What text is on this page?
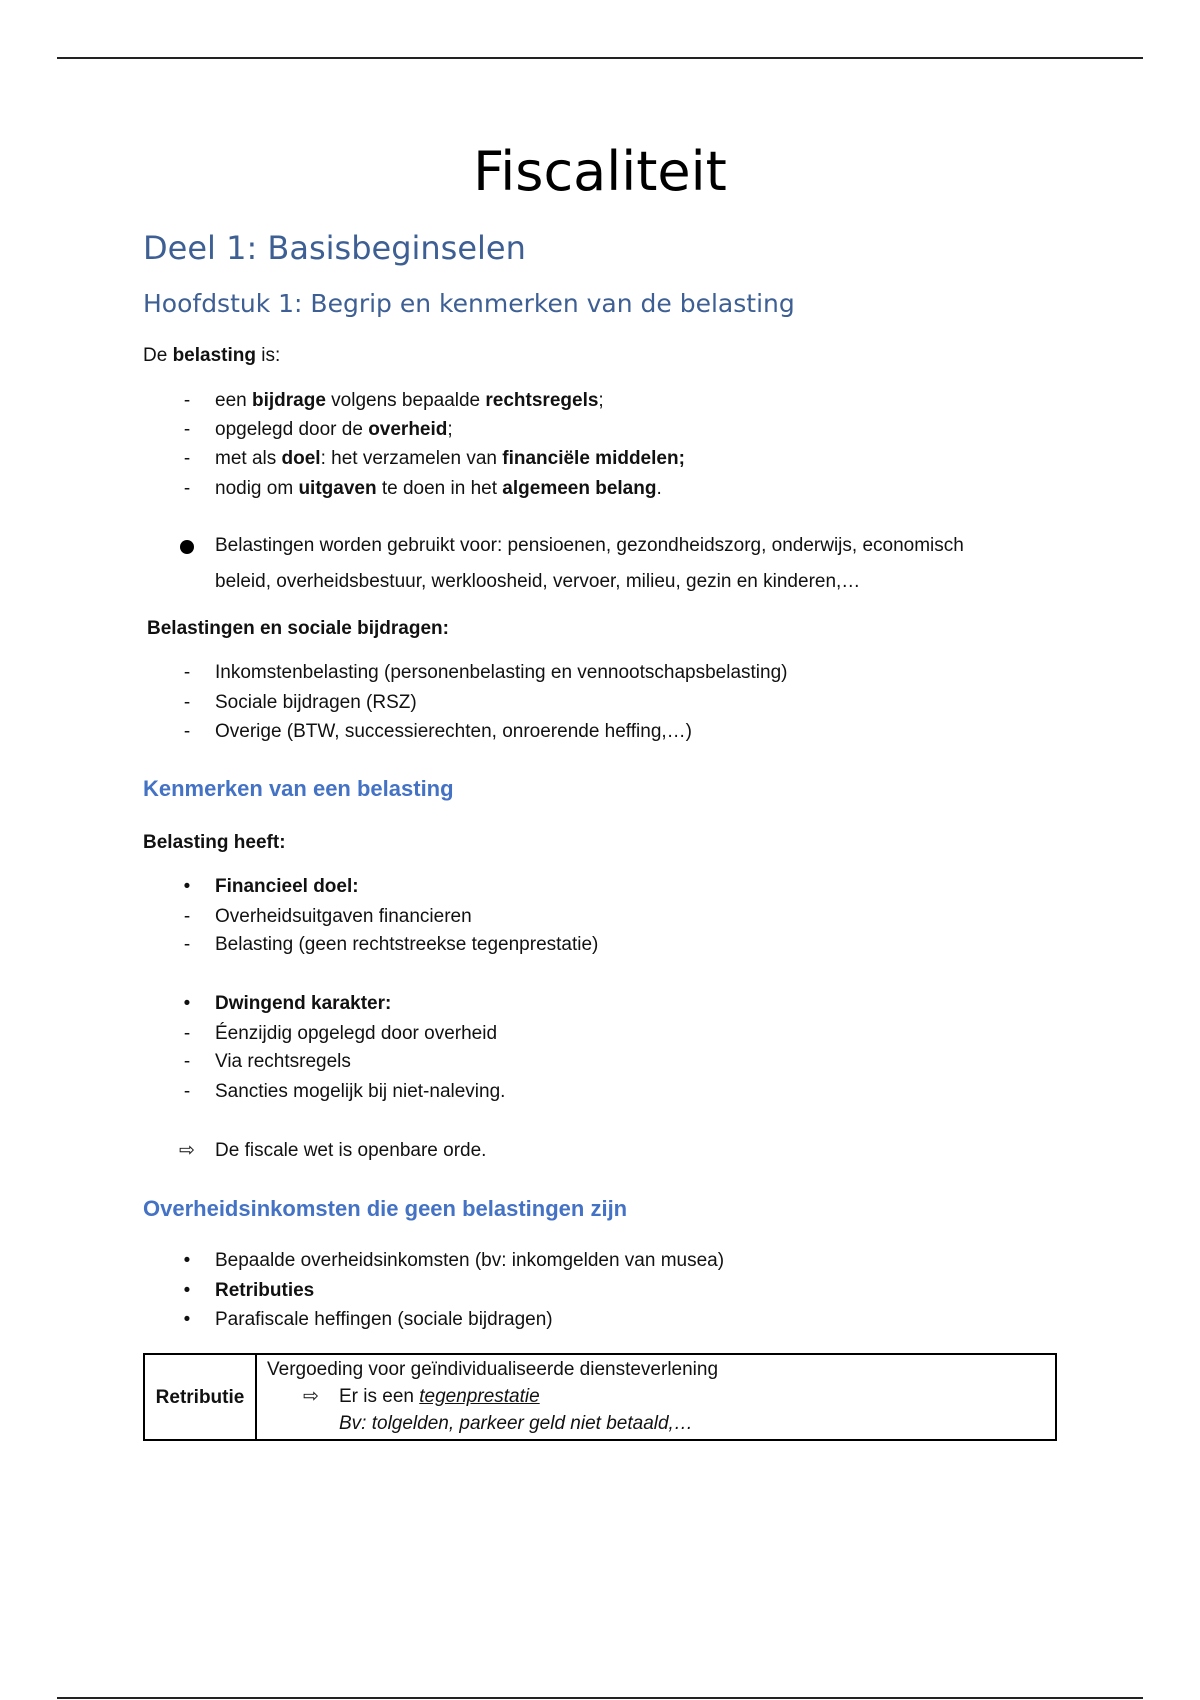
Fiscaliteit
Deel 1: Basisbeginselen
Hoofdstuk 1: Begrip en kenmerken van de belasting
De belasting is:
-	een bijdrage volgens bepaalde rechtsregels;
-	opgelegd door de overheid;
-	met als doel: het verzamelen van financiële middelen;
-	nodig om uitgaven te doen in het algemeen belang.
Belastingen worden gebruikt voor: pensioenen, gezondheidszorg, onderwijs, economisch
beleid, overheidsbestuur, werkloosheid, vervoer, milieu, gezin en kinderen,…
Belastingen en sociale bijdragen:
-	Inkomstenbelasting (personenbelasting en vennootschapsbelasting)
-	Sociale bijdragen (RSZ)
-	Overige (BTW, successierechten, onroerende heffing,…)
Kenmerken van een belasting
Belasting heeft:
•	Financieel doel:
-	Overheidsuitgaven financieren
-	Belasting (geen rechtstreekse tegenprestatie)
•	Dwingend karakter:
-	Éenzijdig opgelegd door overheid
-	Via rechtsregels
-	Sancties mogelijk bij niet-naleving.
⇨ De fiscale wet is openbare orde.
Overheidsinkomsten die geen belastingen zijn
•	Bepaalde overheidsinkomsten (bv: inkomgelden van musea)
•	Retributies
•	Parafiscale heffingen (sociale bijdragen)
Retributie	
Vergoeding voor geïndividualiseerde diensteverlening
⇨ Er is een tegenprestatie
Bv: tolgelden, parkeer geld niet betaald,…
